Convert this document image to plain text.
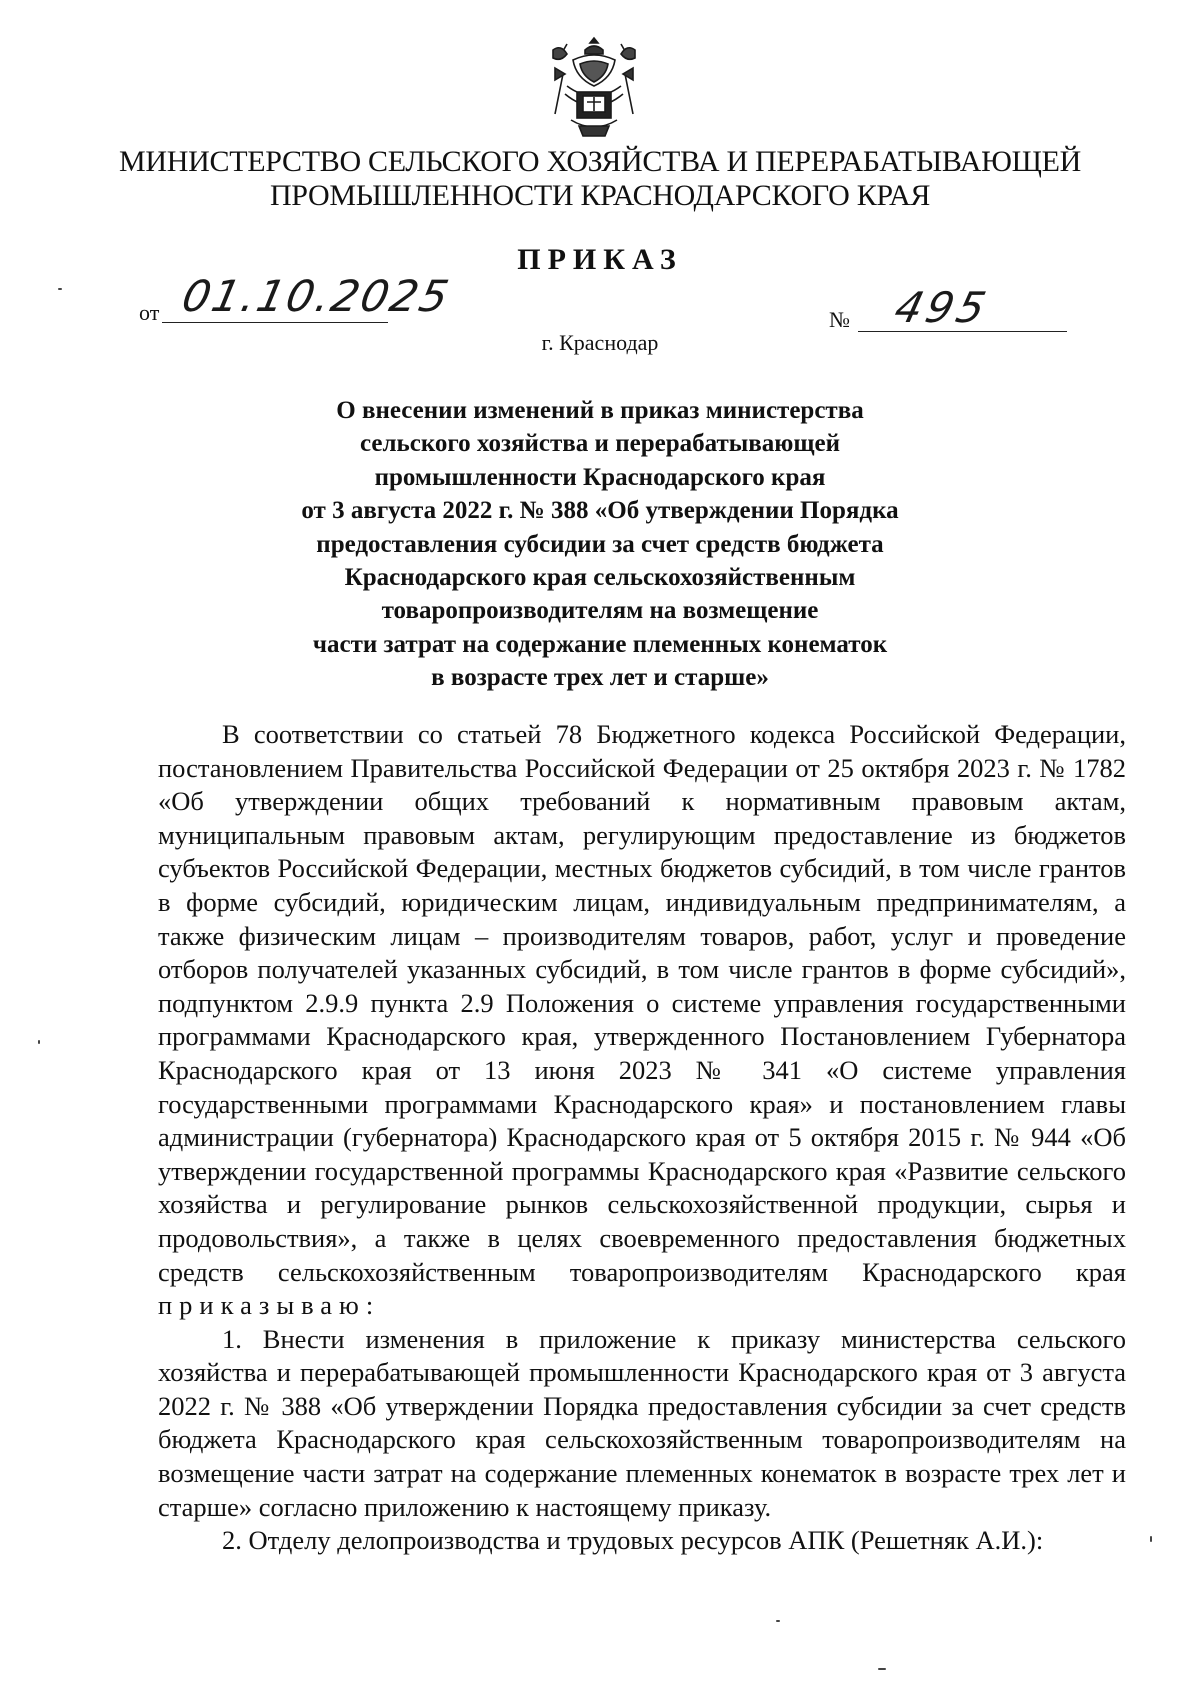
МИНИСТЕРСТВО СЕЛЬСКОГО ХОЗЯЙСТВА И ПЕРЕРАБАТЫВАЮЩЕЙ
ПРОМЫШЛЕННОСТИ КРАСНОДАРСКОГО КРАЯ
ПРИКАЗ
от 01.10.2025	№ 495
г. Краснодар
О внесении изменений в приказ министерства
сельского хозяйства и перерабатывающей
промышленности Краснодарского края
от 3 августа 2022 г. № 388 «Об утверждении Порядка
предоставления субсидии за счет средств бюджета
Краснодарского края сельскохозяйственным
товаропроизводителям на возмещение
части затрат на содержание племенных конематок
в возрасте трех лет и старше»

В соответствии со статьей 78 Бюджетного кодекса Российской Федерации, постановлением Правительства Российской Федерации от 25 октября 2023 г. № 1782 «Об утверждении общих требований к нормативным правовым актам, муниципальным правовым актам, регулирующим предоставление из бюджетов субъектов Российской Федерации, местных бюджетов субсидий, в том числе грантов в форме субсидий, юридическим лицам, индивидуальным предпринимателям, а также физическим лицам – производителям товаров, работ, услуг и проведение отборов получателей указанных субсидий, в том числе грантов в форме субсидий», подпунктом 2.9.9 пункта 2.9 Положения о системе управления государственными программами Краснодарского края, утвержденного Постановлением Губернатора Краснодарского края от 13 июня 2023 № 341 «О системе управления государственными программами Краснодарского края» и постановлением главы администрации (губернатора) Краснодарского края от 5 октября 2015 г. № 944 «Об утверждении государственной программы Краснодарского края «Развитие сельского хозяйства и регулирование рынков сельскохозяйственной продукции, сырья и продовольствия», а также в целях своевременного предоставления бюджетных средств сельскохозяйственным товаропроизводителям Краснодарского края приказываю:

1. Внести изменения в приложение к приказу министерства сельского хозяйства и перерабатывающей промышленности Краснодарского края от 3 августа 2022 г. № 388 «Об утверждении Порядка предоставления субсидии за счет средств бюджета Краснодарского края сельскохозяйственным товаропроизводителям на возмещение части затрат на содержание племенных конематок в возрасте трех лет и старше» согласно приложению к настоящему приказу.

2. Отделу делопроизводства и трудовых ресурсов АПК (Решетняк А.И.):
